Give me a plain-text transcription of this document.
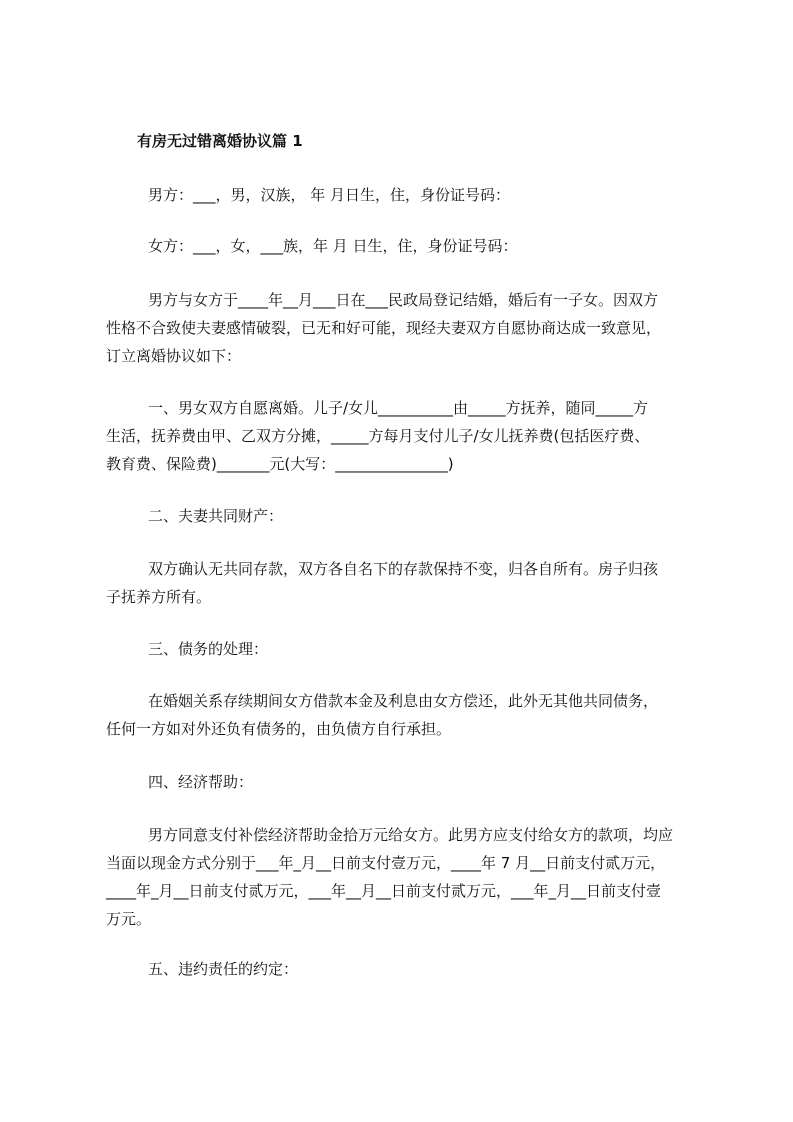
有房无过错离婚协议篇 1
男方：___，男，汉族， 年 月日生，住，身份证号码：
女方：___，女，___族，年 月 日生，住，身份证号码：
男方与女方于____年__月___日在___民政局登记结婚，婚后有一子女。因双方
性格不合致使夫妻感情破裂，已无和好可能，现经夫妻双方自愿协商达成一致意见，
订立离婚协议如下：
一、男女双方自愿离婚。儿子/女儿__________由_____方抚养，随同_____方
生活，抚养费由甲、乙双方分摊，_____方每月支付儿子/女儿抚养费(包括医疗费、
教育费、保险费)_______元(大写：_______________)
二、夫妻共同财产：
双方确认无共同存款，双方各自名下的存款保持不变，归各自所有。房子归孩
子抚养方所有。
三、债务的处理：
在婚姻关系存续期间女方借款本金及利息由女方偿还，此外无其他共同债务，
任何一方如对外还负有债务的，由负债方自行承担。
四、经济帮助：
男方同意支付补偿经济帮助金拾万元给女方。此男方应支付给女方的款项，均应
当面以现金方式分别于___年_月__日前支付壹万元，____年 7 月__日前支付贰万元，
____年_月__日前支付贰万元，___年__月__日前支付贰万元，___年_月__日前支付壹
万元。
五、违约责任的约定：
